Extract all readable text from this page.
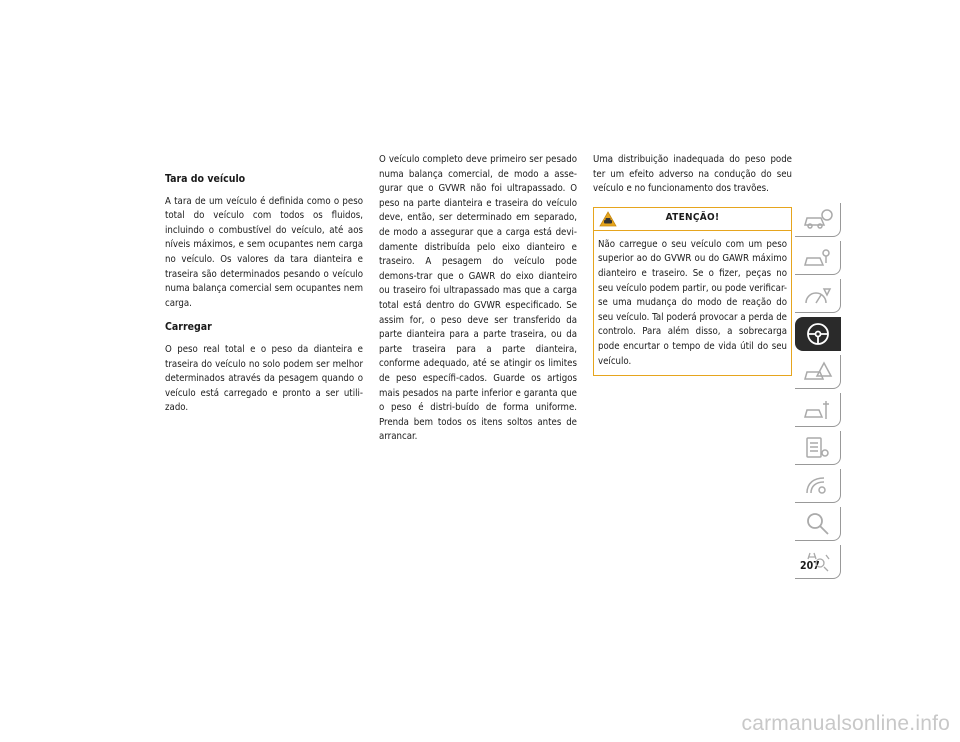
Tara do veículo

A tara de um veículo é definida como o peso total do veículo com todos os fluidos, incluindo o combustível do veículo, até aos níveis máximos, e sem ocupantes nem carga no veículo. Os valores da tara dianteira e traseira são determinados pesando o veículo numa balança comercial sem ocupantes nem carga.

Carregar

O peso real total e o peso da dianteira e traseira do veículo no solo podem ser melhor determinados através da pesagem quando o veículo está carregado e pronto a ser utili-zado.

O veículo completo deve primeiro ser pesado numa balança comercial, de modo a asse-gurar que o GVWR não foi ultrapassado. O peso na parte dianteira e traseira do veículo deve, então, ser determinado em separado, de modo a assegurar que a carga está devi-damente distribuída pelo eixo dianteiro e traseiro. A pesagem do veículo pode demons-trar que o GAWR do eixo dianteiro ou traseiro foi ultrapassado mas que a carga total está dentro do GVWR especificado. Se assim for, o peso deve ser transferido da parte dianteira para a parte traseira, ou da parte traseira para a parte dianteira, conforme adequado, até se atingir os limites de peso específi-cados. Guarde os artigos mais pesados na parte inferior e garanta que o peso é distri-buído de forma uniforme. Prenda bem todos os itens soltos antes de arrancar.

Uma distribuição inadequada do peso pode ter um efeito adverso na condução do seu veículo e no funcionamento dos travões.

ATENÇÃO!
Não carregue o seu veículo com um peso superior ao do GVWR ou do GAWR máximo dianteiro e traseiro. Se o fizer, peças no seu veículo podem partir, ou pode verificar-se uma mudança do modo de reação do seu veículo. Tal poderá provocar a perda de controlo. Para além disso, a sobrecarga pode encurtar o tempo de vida útil do seu veículo.
207
carmanualsonline.info
